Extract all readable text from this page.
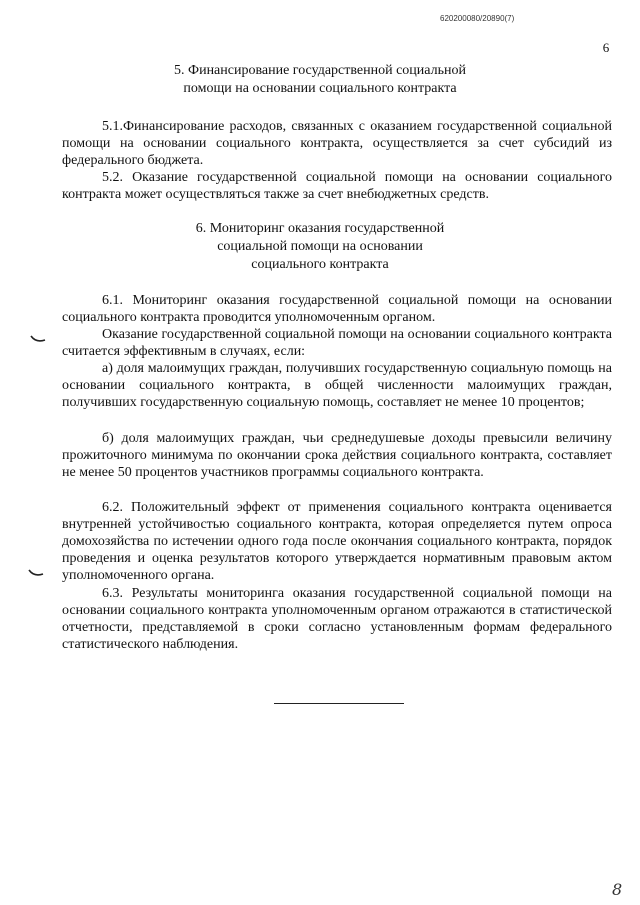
620200080/20890(7)
6
5. Финансирование государственной социальной
помощи на основании социального контракта
5.1.Финансирование расходов, связанных с оказанием государственной социальной помощи на основании социального контракта, осуществляется за счет субсидий из федерального бюджета.
5.2. Оказание государственной социальной помощи на основании социального контракта может осуществляться также за счет внебюджетных средств.
6. Мониторинг оказания государственной
социальной помощи на основании
социального контракта
6.1. Мониторинг оказания государственной социальной помощи на основании социального контракта проводится уполномоченным органом.
Оказание государственной социальной помощи на основании социального контракта считается эффективным в случаях, если:
а) доля малоимущих граждан, получивших государственную социальную помощь на основании социального контракта, в общей численности малоимущих граждан, получивших государственную социальную помощь, составляет не менее 10 процентов;
б) доля малоимущих граждан, чьи среднедушевые доходы превысили величину прожиточного минимума по окончании срока действия социального контракта, составляет не менее 50 процентов участников программы социального контракта.
6.2. Положительный эффект от применения социального контракта оценивается внутренней устойчивостью социального контракта, которая определяется путем опроса домохозяйства по истечении одного года после окончания социального контракта, порядок проведения и оценка результатов которого утверждается нормативным правовым актом уполномоченного органа.
6.3. Результаты мониторинга оказания государственной социальной помощи на основании социального контракта уполномоченным органом отражаются в статистической отчетности, представляемой в сроки согласно установленным формам федерального статистического наблюдения.
8
